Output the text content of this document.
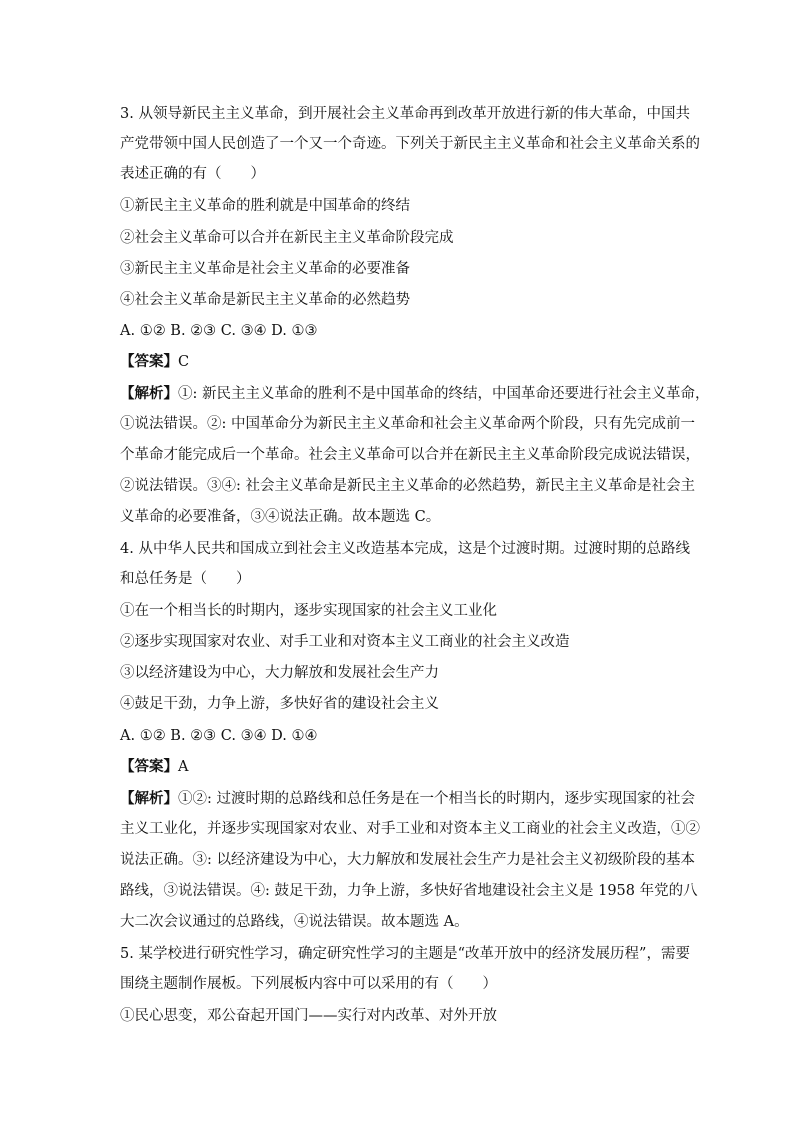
3. 从领导新民主主义革命，到开展社会主义革命再到改革开放进行新的伟大革命，中国共
产党带领中国人民创造了一个又一个奇迹。下列关于新民主主义革命和社会主义革命关系的
表述正确的有（　　）
①新民主主义革命的胜利就是中国革命的终结
②社会主义革命可以合并在新民主主义革命阶段完成
③新民主主义革命是社会主义革命的必要准备
④社会主义革命是新民主主义革命的必然趋势
A. ①② B. ②③ C. ③④ D. ①③
【答案】C
【解析】①: 新民主主义革命的胜利不是中国革命的终结，中国革命还要进行社会主义革命，
①说法错误。②: 中国革命分为新民主主义革命和社会主义革命两个阶段，只有先完成前一
个革命才能完成后一个革命。社会主义革命可以合并在新民主主义革命阶段完成说法错误，
②说法错误。③④: 社会主义革命是新民主主义革命的必然趋势，新民主主义革命是社会主
义革命的必要准备，③④说法正确。故本题选 C。
4. 从中华人民共和国成立到社会主义改造基本完成，这是个过渡时期。过渡时期的总路线
和总任务是（　　）
①在一个相当长的时期内，逐步实现国家的社会主义工业化
②逐步实现国家对农业、对手工业和对资本主义工商业的社会主义改造
③以经济建设为中心，大力解放和发展社会生产力
④鼓足干劲，力争上游，多快好省的建设社会主义
A. ①② B. ②③ C. ③④ D. ①④
【答案】A
【解析】①②: 过渡时期的总路线和总任务是在一个相当长的时期内，逐步实现国家的社会
主义工业化，并逐步实现国家对农业、对手工业和对资本主义工商业的社会主义改造，①②
说法正确。③: 以经济建设为中心，大力解放和发展社会生产力是社会主义初级阶段的基本
路线，③说法错误。④: 鼓足干劲，力争上游，多快好省地建设社会主义是 1958 年党的八
大二次会议通过的总路线，④说法错误。故本题选 A。
5. 某学校进行研究性学习，确定研究性学习的主题是“改革开放中的经济发展历程”，需要
围绕主题制作展板。下列展板内容中可以采用的有（　　）
①民心思变，邓公奋起开国门——实行对内改革、对外开放
